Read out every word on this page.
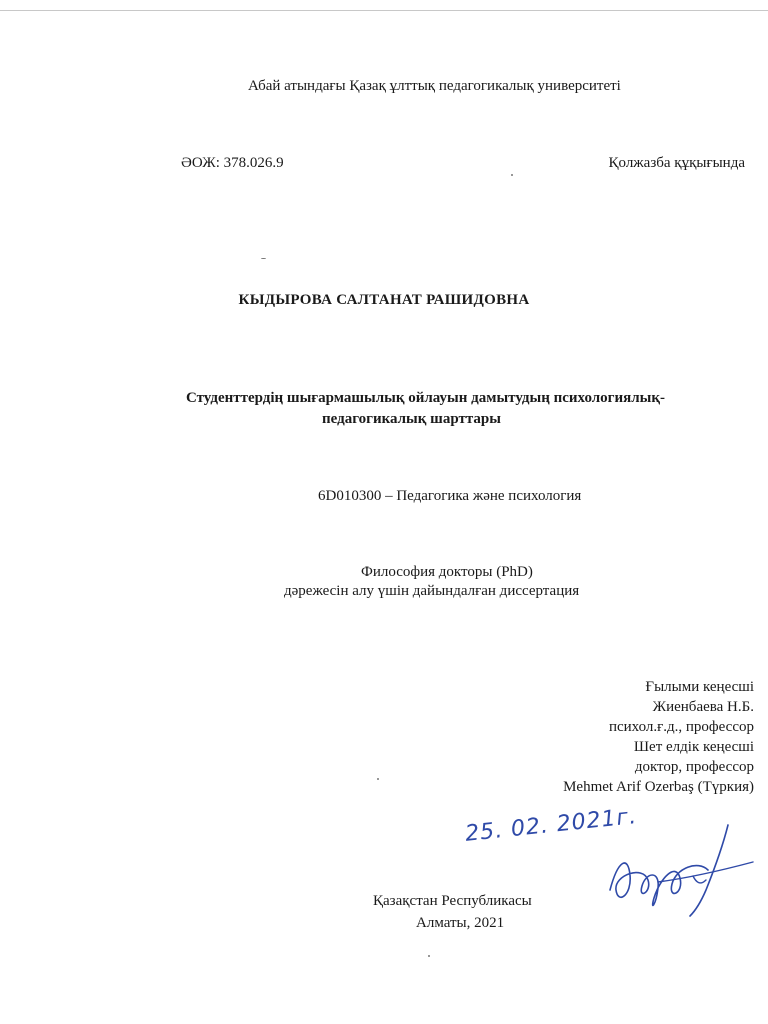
Абай атындағы Қазақ ұлттық педагогикалық университеті
ӘОЖ: 378.026.9	Қолжазба құқығында
КЫДЫРОВА САЛТАНАТ РАШИДОВНА
Студенттердің шығармашылық ойлауын дамытудың психологиялық-
педагогикалық шарттары
6D010300 – Педагогика және психология
Философия докторы (PhD)
дәрежесін алу үшін дайындалған диссертация
Ғылыми кеңесші
Жиенбаева Н.Б.
психол.ғ.д., профессор
Шет елдік кеңесші
доктор, профессор
Mehmet Arif Ozerbaş (Түркия)
25. 02. 2021г.
Қазақстан Республикасы
Алматы, 2021
